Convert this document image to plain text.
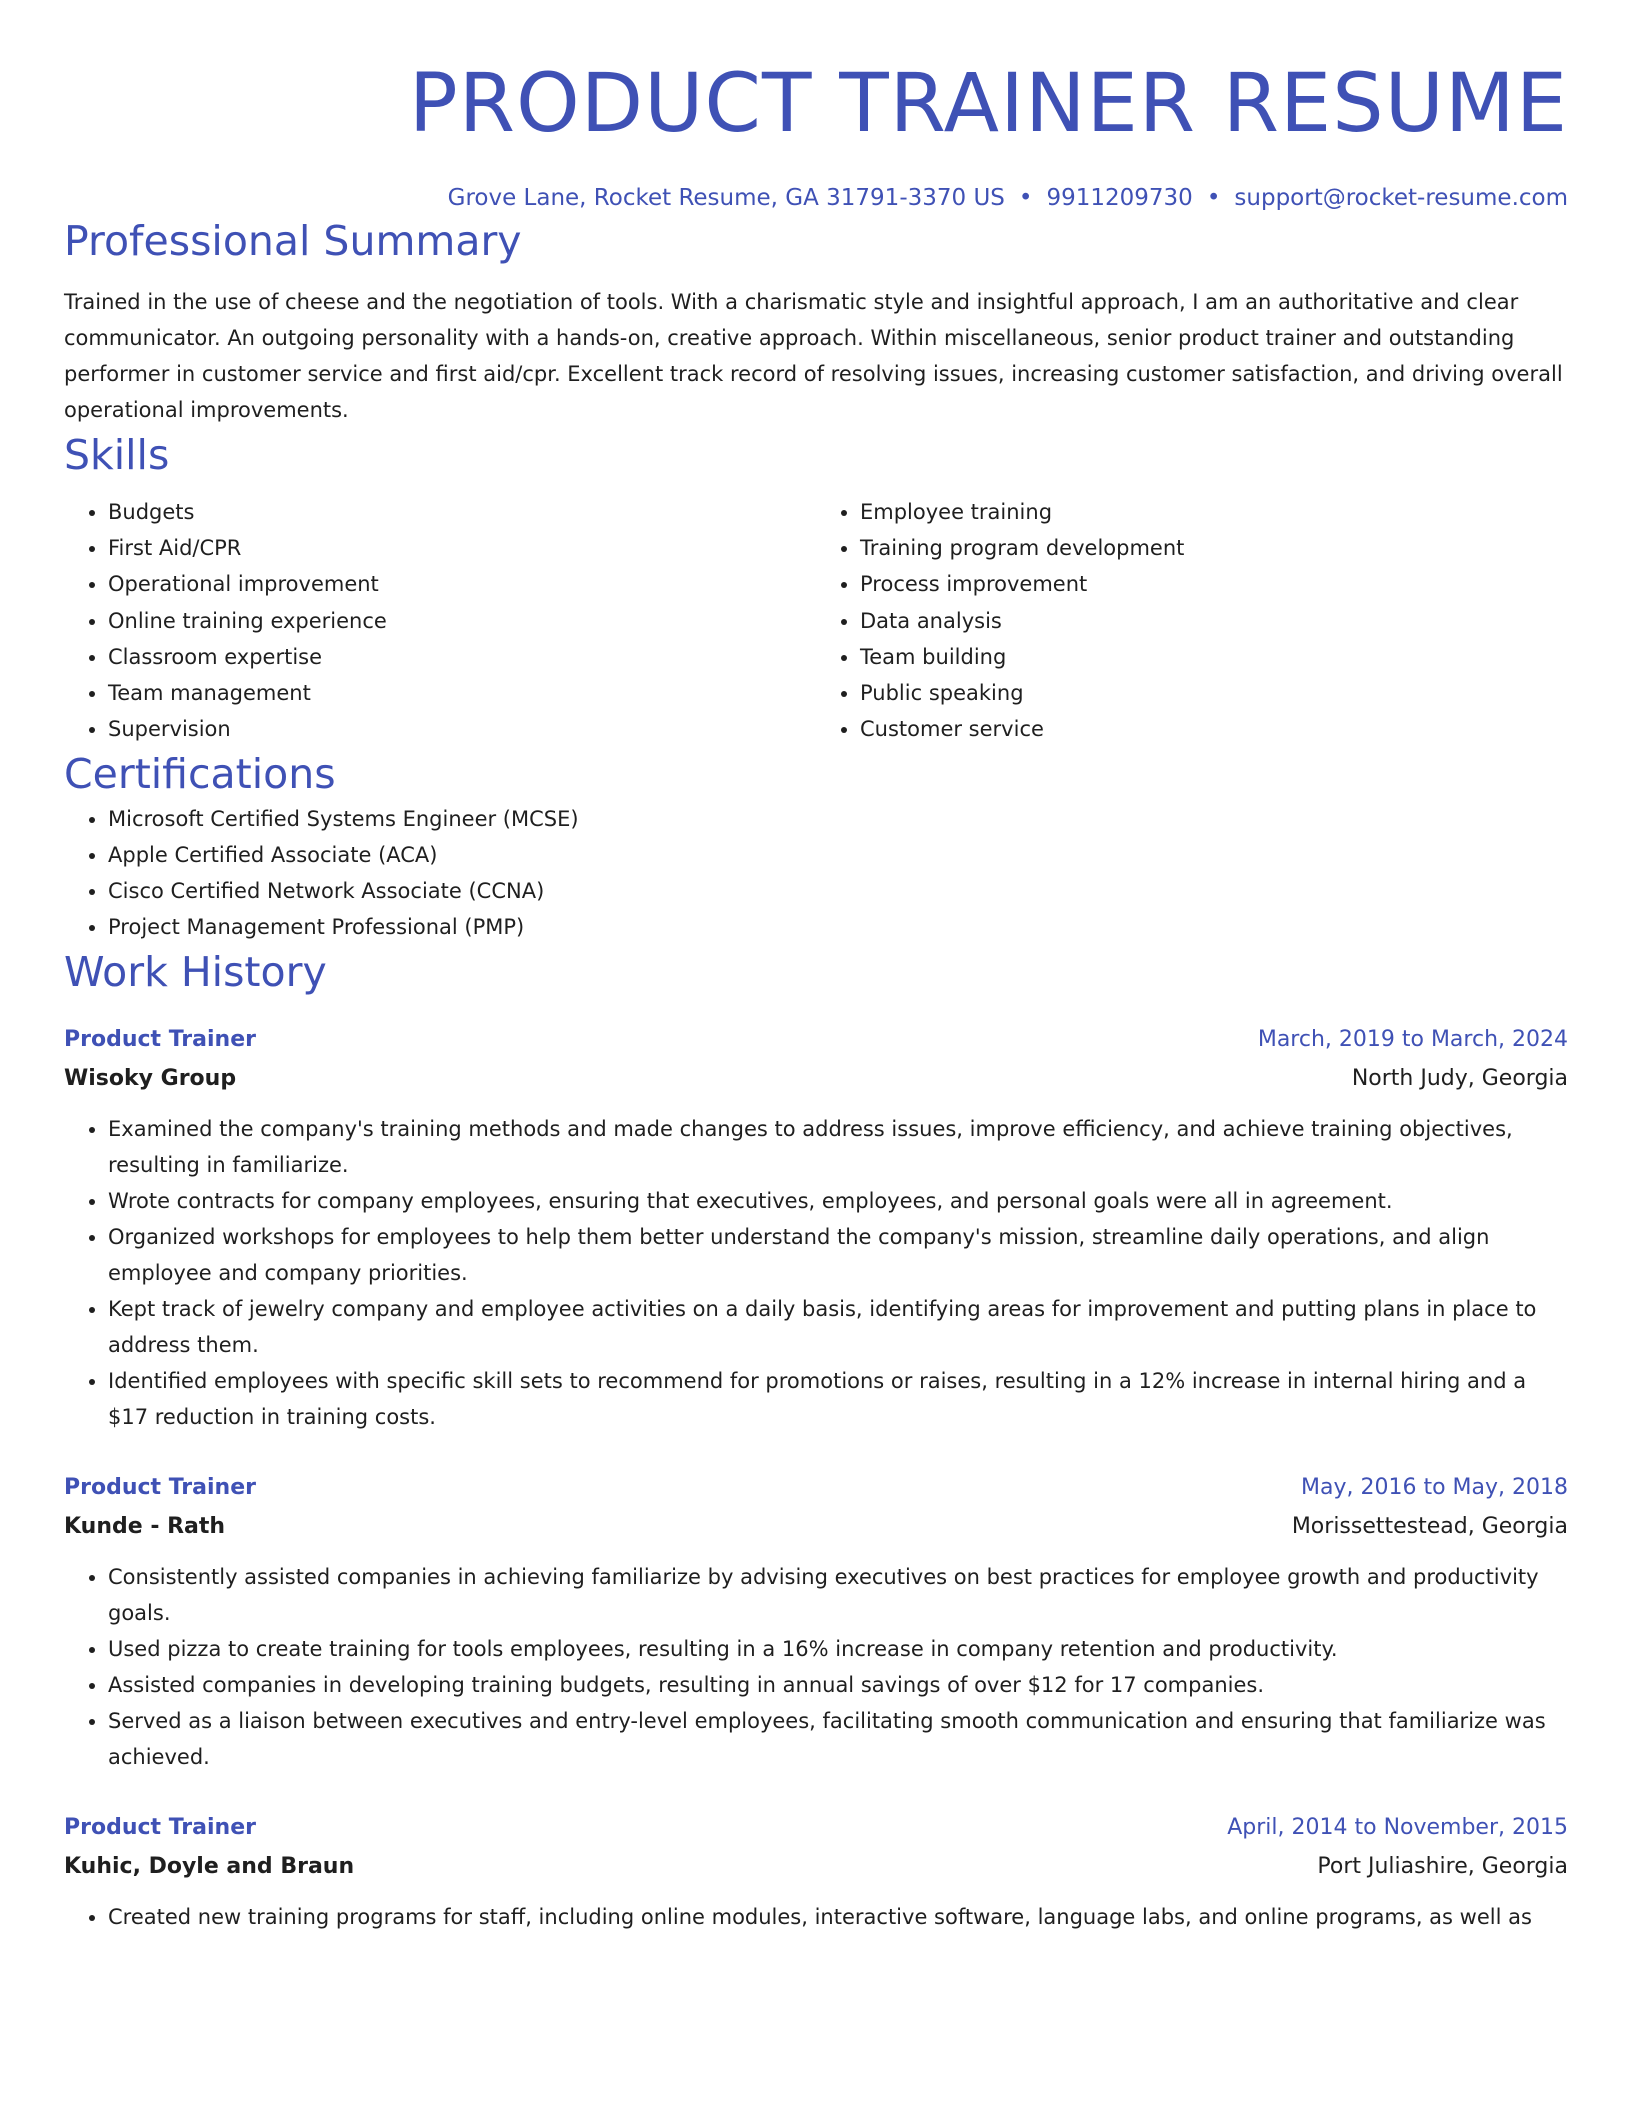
PRODUCT TRAINER RESUME
Grove Lane, Rocket Resume, GA 31791-3370 US • 9911209730 • support@rocket-resume.com
Professional Summary

Trained in the use of cheese and the negotiation of tools. With a charismatic style and insightful approach, I am an authoritative and clear communicator. An outgoing personality with a hands-on, creative approach. Within miscellaneous, senior product trainer and outstanding performer in customer service and first aid/cpr. Excellent track record of resolving issues, increasing customer satisfaction, and driving overall operational improvements.

Skills
• Budgets
• First Aid/CPR
• Operational improvement
• Online training experience
• Classroom expertise
• Team management
• Supervision
• Employee training
• Training program development
• Process improvement
• Data analysis
• Team building
• Public speaking
• Customer service
Certifications
• Microsoft Certified Systems Engineer (MCSE)
• Apple Certified Associate (ACA)
• Cisco Certified Network Associate (CCNA)
• Project Management Professional (PMP)
Work History
Product Trainer	March, 2019 to March, 2024
Wisoky Group	North Judy, Georgia
• Examined the company's training methods and made changes to address issues, improve efficiency, and achieve training objectives, resulting in familiarize.
• Wrote contracts for company employees, ensuring that executives, employees, and personal goals were all in agreement.
• Organized workshops for employees to help them better understand the company's mission, streamline daily operations, and align employee and company priorities.
• Kept track of jewelry company and employee activities on a daily basis, identifying areas for improvement and putting plans in place to address them.
• Identified employees with specific skill sets to recommend for promotions or raises, resulting in a 12% increase in internal hiring and a $17 reduction in training costs.
Product Trainer	May, 2016 to May, 2018
Kunde - Rath	Morissettestead, Georgia
• Consistently assisted companies in achieving familiarize by advising executives on best practices for employee growth and productivity goals.
• Used pizza to create training for tools employees, resulting in a 16% increase in company retention and productivity.
• Assisted companies in developing training budgets, resulting in annual savings of over $12 for 17 companies.
• Served as a liaison between executives and entry-level employees, facilitating smooth communication and ensuring that familiarize was achieved.
Product Trainer	April, 2014 to November, 2015
Kuhic, Doyle and Braun	Port Juliashire, Georgia
• Created new training programs for staff, including online modules, interactive software, language labs, and online programs, as well as
